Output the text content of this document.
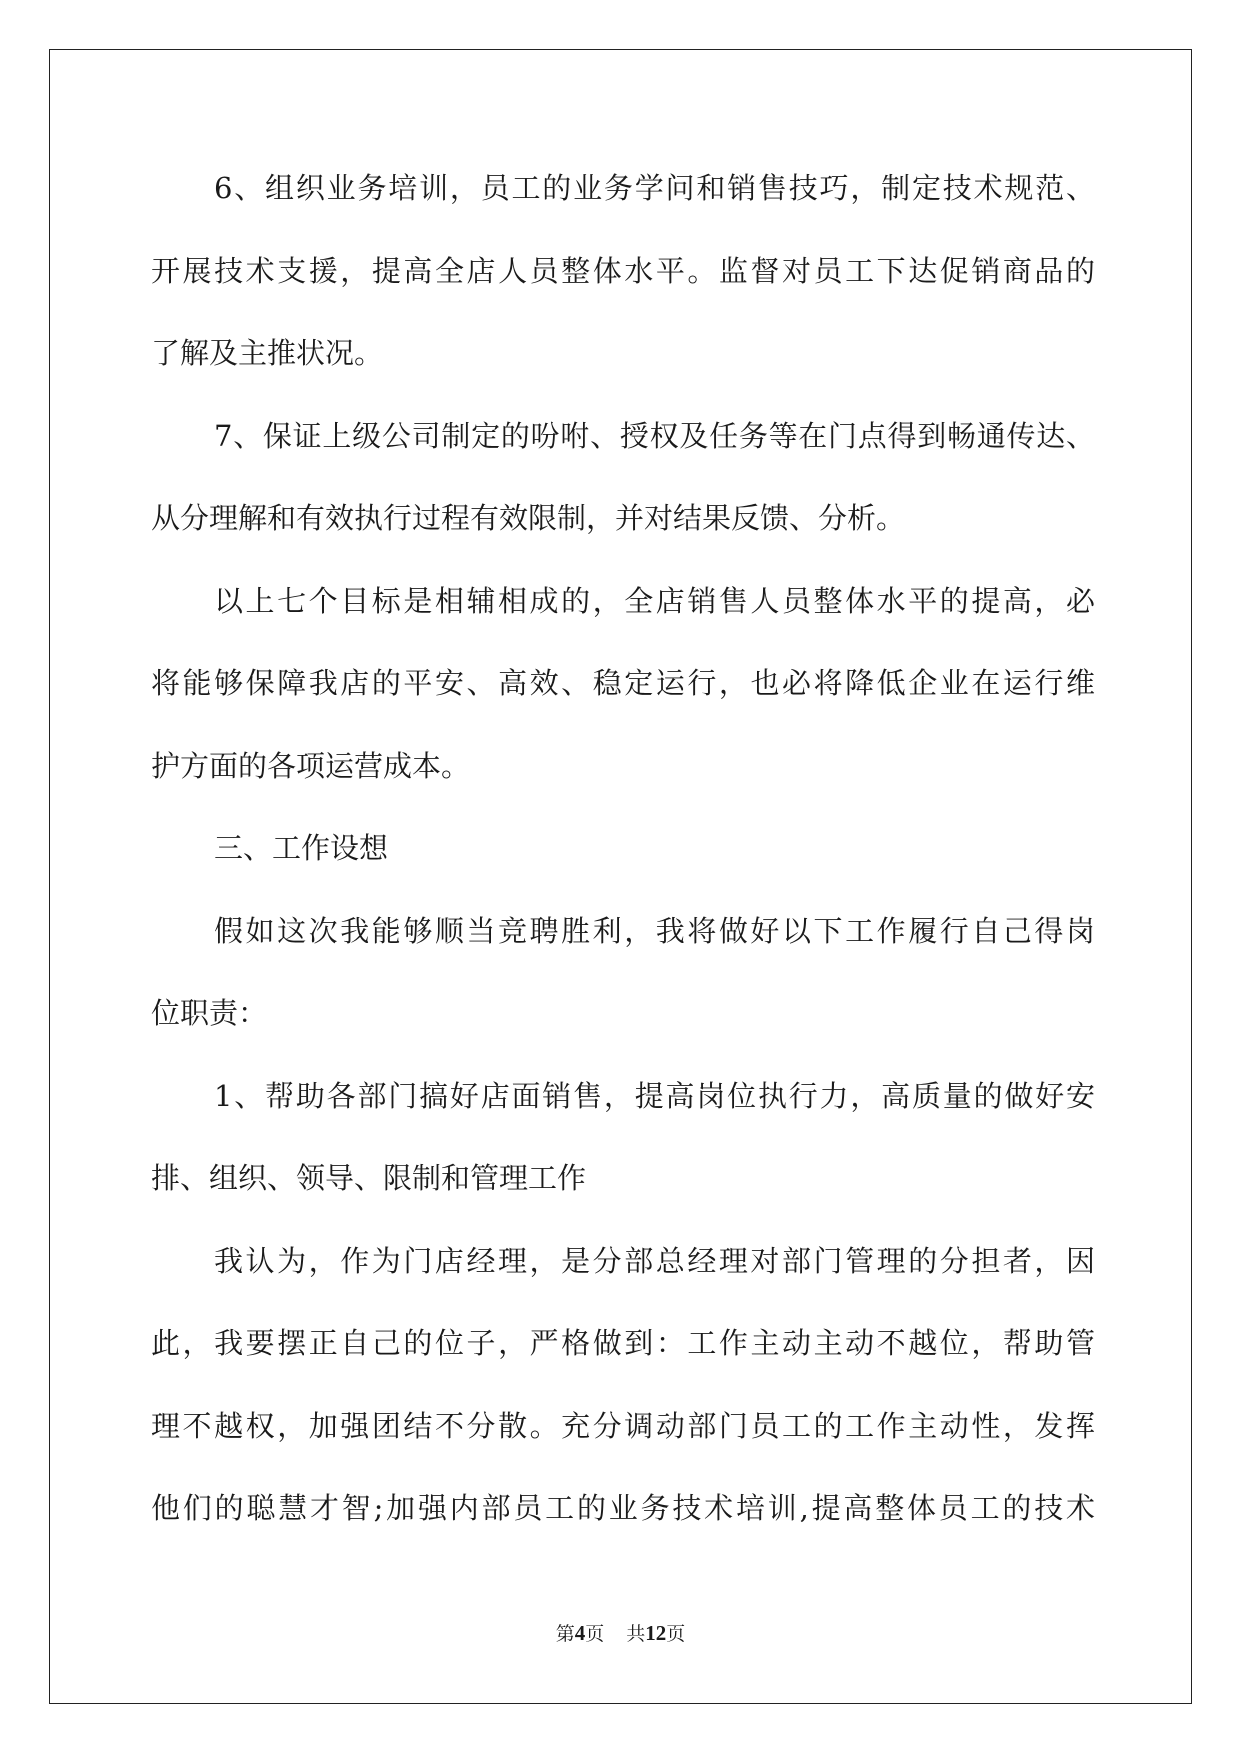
6、组织业务培训，员工的业务学问和销售技巧，制定技术规范、
开展技术支援，提高全店人员整体水平。监督对员工下达促销商品的
了解及主推状况。
7、保证上级公司制定的吩咐、授权及任务等在门点得到畅通传达、
从分理解和有效执行过程有效限制，并对结果反馈、分析。
以上七个目标是相辅相成的，全店销售人员整体水平的提高，必
将能够保障我店的平安、高效、稳定运行，也必将降低企业在运行维
护方面的各项运营成本。
三、工作设想
假如这次我能够顺当竞聘胜利，我将做好以下工作履行自己得岗
位职责：
1、帮助各部门搞好店面销售，提高岗位执行力，高质量的做好安
排、组织、领导、限制和管理工作
我认为，作为门店经理，是分部总经理对部门管理的分担者，因
此，我要摆正自己的位子，严格做到：工作主动主动不越位，帮助管
理不越权，加强团结不分散。充分调动部门员工的工作主动性，发挥
他们的聪慧才智;加强内部员工的业务技术培训,提高整体员工的技术
第4页 共12页
